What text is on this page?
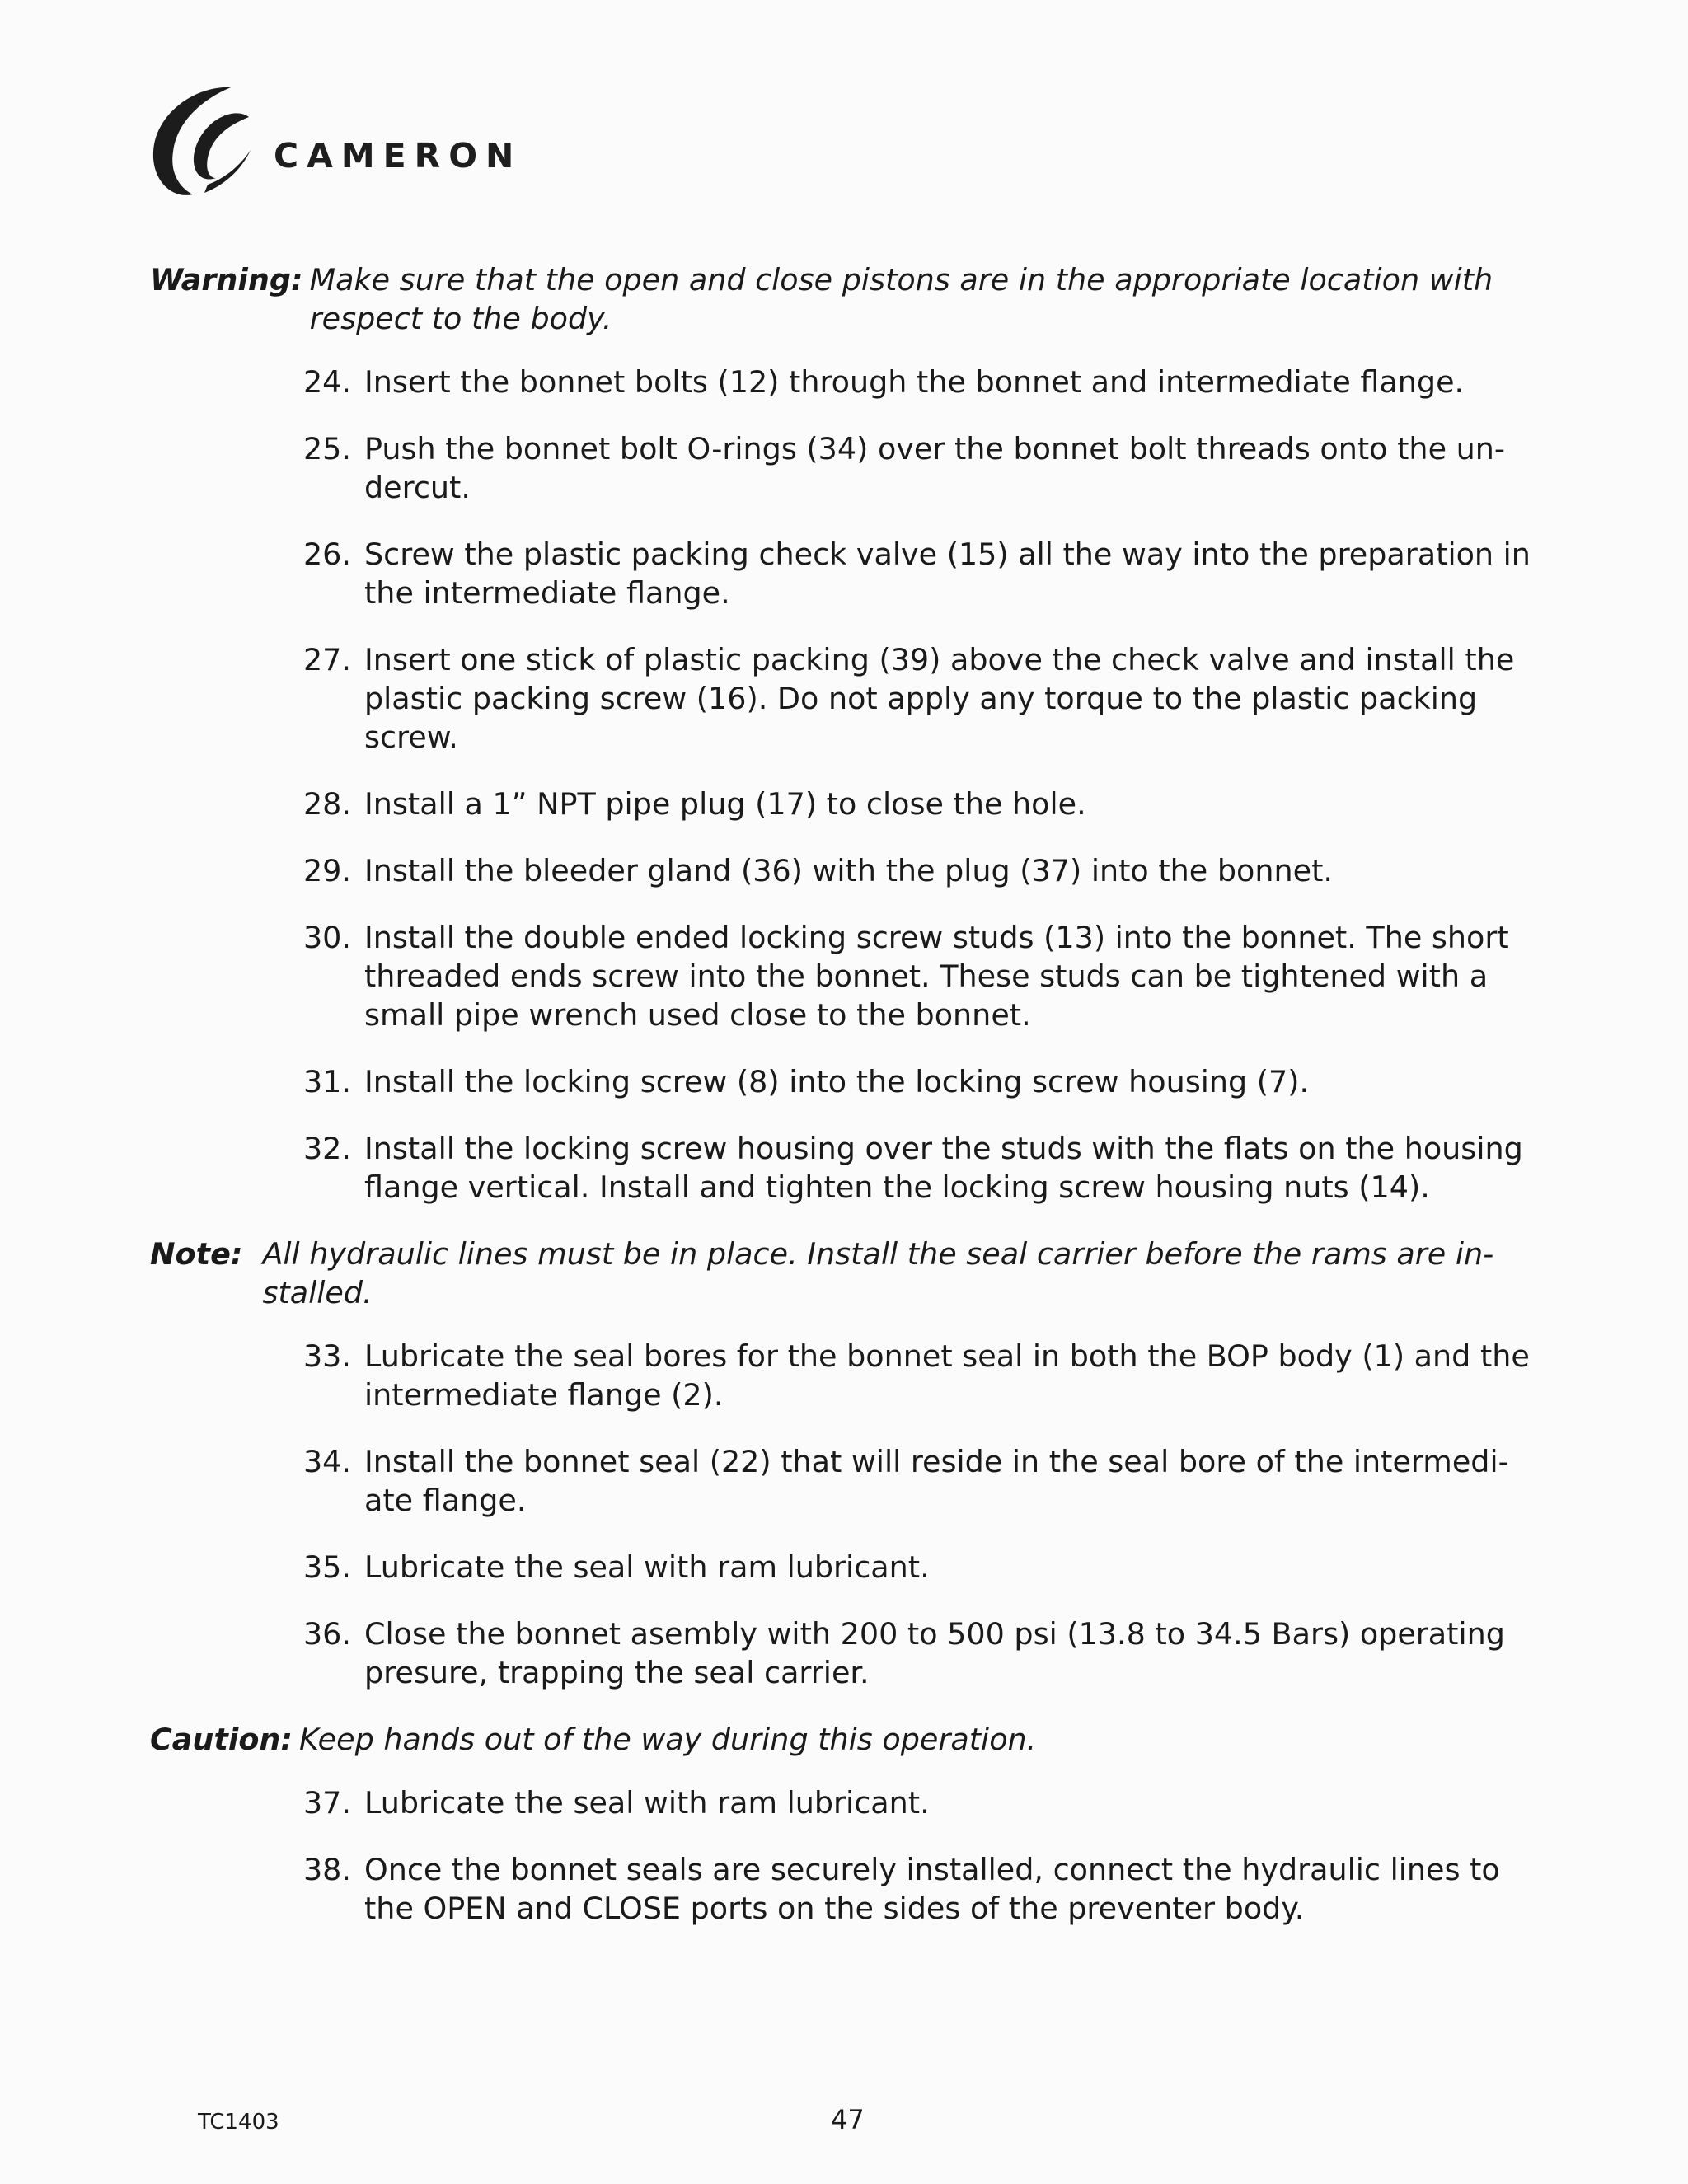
CAMERON
Warning: Make sure that the open and close pistons are in the appropriate location with respect to the body.
24. Insert the bonnet bolts (12) through the bonnet and intermediate flange.
25. Push the bonnet bolt O-rings (34) over the bonnet bolt threads onto the un-dercut.
26. Screw the plastic packing check valve (15) all the way into the preparation in the intermediate flange.
27. Insert one stick of plastic packing (39) above the check valve and install the plastic packing screw (16). Do not apply any torque to the plastic packing screw.
28. Install a 1” NPT pipe plug (17) to close the hole.
29. Install the bleeder gland (36) with the plug (37) into the bonnet.
30. Install the double ended locking screw studs (13) into the bonnet. The short threaded ends screw into the bonnet. These studs can be tightened with a small pipe wrench used close to the bonnet.
31. Install the locking screw (8) into the locking screw housing (7).
32. Install the locking screw housing over the studs with the flats on the housing flange vertical. Install and tighten the locking screw housing nuts (14).
Note: All hydraulic lines must be in place. Install the seal carrier before the rams are in-stalled.
33. Lubricate the seal bores for the bonnet seal in both the BOP body (1) and the intermediate flange (2).
34. Install the bonnet seal (22) that will reside in the seal bore of the intermedi-ate flange.
35. Lubricate the seal with ram lubricant.
36. Close the bonnet asembly with 200 to 500 psi (13.8 to 34.5 Bars) operating presure, trapping the seal carrier.
Caution: Keep hands out of the way during this operation.
37. Lubricate the seal with ram lubricant.
38. Once the bonnet seals are securely installed, connect the hydraulic lines to the OPEN and CLOSE ports on the sides of the preventer body.
TC1403	47
